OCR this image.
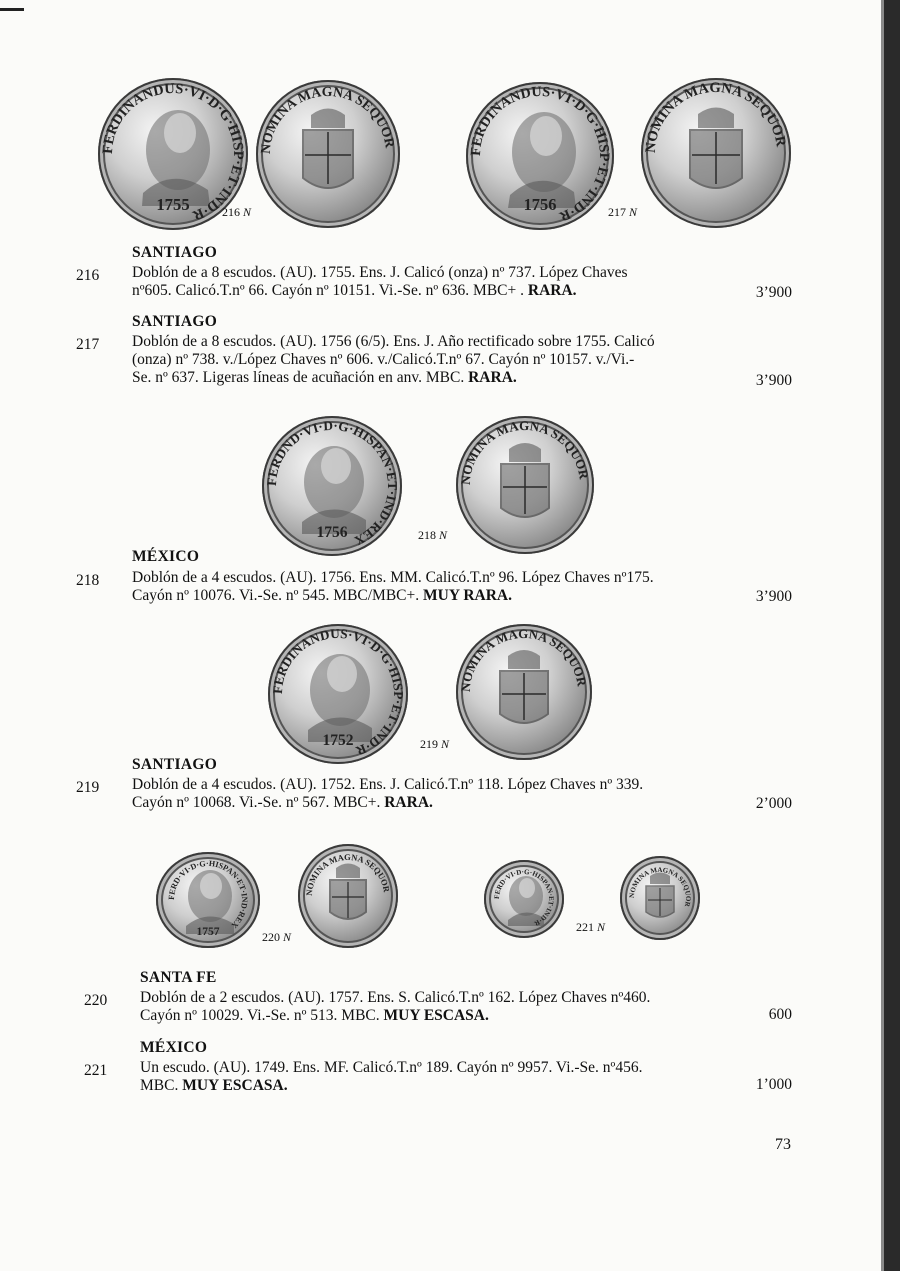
FERDINANDUS·VI·D·G·HISP·ET·IND·R
1755	216 N
NOMINA MAGNA SEQUOR
FERDINANDUS·VI·D·G·HISP·ET·IND·R
1756	217 N
NOMINA MAGNA SEQUOR
FERDND·VI·D·G·HISPAN·ET·IND·REX
1756	218 N
NOMINA MAGNA SEQUOR
FERDINANDUS·VI·D·G·HISP·ET·IND·R
1752	219 N
NOMINA MAGNA SEQUOR
FERD·VI·D·G·HISPAN·ET·IND·REX
1757	220 N
NOMINA MAGNA SEQUOR
FERD·VI·D·G·HISPAN·ET·IND·R	221 N
NOMINA MAGNA SEQUOR
SANTIAGO
216 Doblón de a 8 escudos. (AU). 1755. Ens. J. Calicó (onza) nº 737. López Chaves
nº605. Calicó.T.nº 66. Cayón nº 10151. Vi.-Se. nº 636. MBC+ . RARA.	3’900
SANTIAGO
217 Doblón de a 8 escudos. (AU). 1756 (6/5). Ens. J. Año rectificado sobre 1755. Calicó
(onza) nº 738. v./López Chaves nº 606. v./Calicó.T.nº 67. Cayón nº 10157. v./Vi.-
Se. nº 637. Ligeras líneas de acuñación en anv. MBC. RARA.	3’900
MÉXICO
218 Doblón de a 4 escudos. (AU). 1756. Ens. MM. Calicó.T.nº 96. López Chaves nº175.
Cayón nº 10076. Vi.-Se. nº 545. MBC/MBC+. MUY RARA.	3’900
SANTIAGO
219 Doblón de a 4 escudos. (AU). 1752. Ens. J. Calicó.T.nº 118. López Chaves nº 339.
Cayón nº 10068. Vi.-Se. nº 567. MBC+. RARA.	2’000
SANTA FE
220 Doblón de a 2 escudos. (AU). 1757. Ens. S. Calicó.T.nº 162. López Chaves nº460.
Cayón nº 10029. Vi.-Se. nº 513. MBC. MUY ESCASA.	600
MÉXICO
221 Un escudo. (AU). 1749. Ens. MF. Calicó.T.nº 189. Cayón nº 9957. Vi.-Se. nº456.
MBC. MUY ESCASA.	1’000
73
